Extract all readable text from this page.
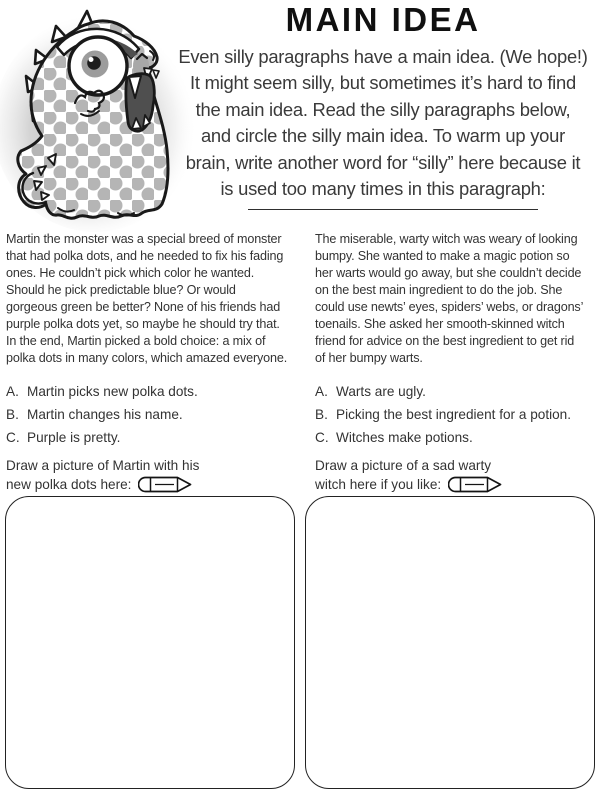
MAIN IDEA
Even silly paragraphs have a main idea. (We hope!)
It might seem silly, but sometimes it’s hard to find
the main idea. Read the silly paragraphs below,
and circle the silly main idea. To warm up your
brain, write another word for “silly” here because it
is used too many times in this paragraph:
Martin the monster was a special breed of monster
that had polka dots, and he needed to fix his fading
ones. He couldn’t pick which color he wanted.
Should he pick predictable blue? Or would
gorgeous green be better? None of his friends had
purple polka dots yet, so maybe he should try that.
In the end, Martin picked a bold choice: a mix of
polka dots in many colors, which amazed everyone.
A. Martin picks new polka dots.
B. Martin changes his name.
C. Purple is pretty.
Draw a picture of Martin with his
new polka dots here:
The miserable, warty witch was weary of looking
bumpy. She wanted to make a magic potion so
her warts would go away, but she couldn’t decide
on the best main ingredient to do the job. She
could use newts’ eyes, spiders’ webs, or dragons’
toenails. She asked her smooth-skinned witch
friend for advice on the best ingredient to get rid
of her bumpy warts.
A. Warts are ugly.
B. Picking the best ingredient for a potion.
C. Witches make potions.
Draw a picture of a sad warty
witch here if you like:
